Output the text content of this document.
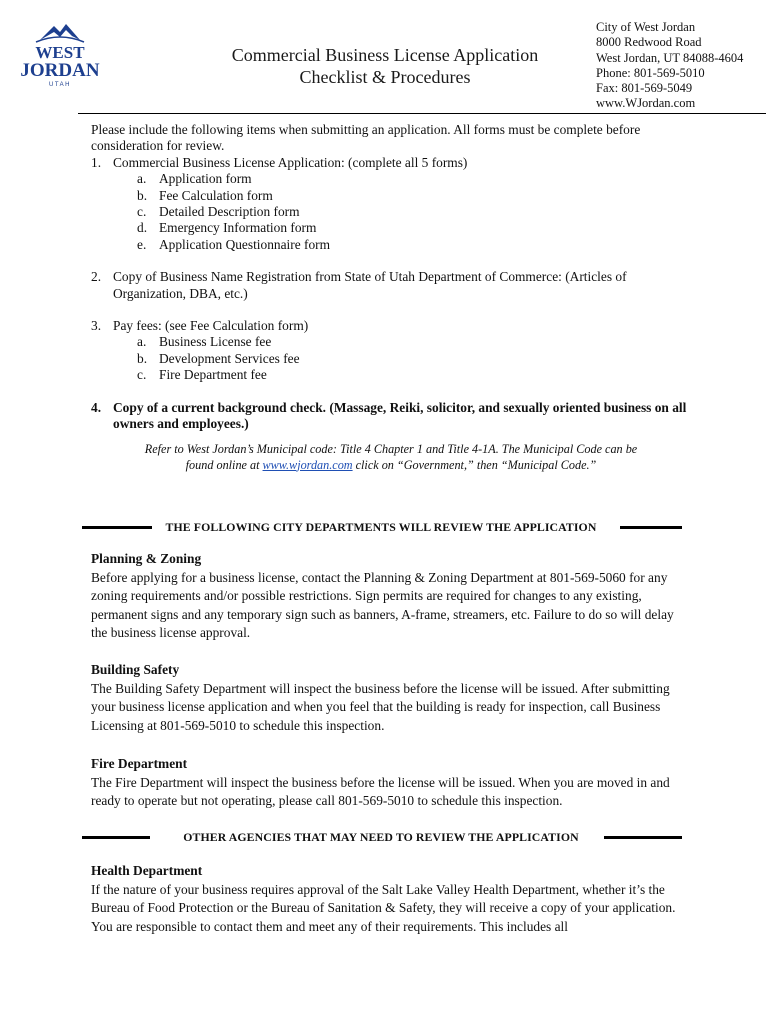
WEST
JORDAN
UTAH
Commercial Business License Application
Checklist & Procedures
City of West Jordan
8000 Redwood Road
West Jordan, UT 84088-4604
Phone: 801-569-5010
Fax: 801-569-5049
www.WJordan.com

Please include the following items when submitting an application. All forms must be complete before consideration for review.

1. Commercial Business License Application: (complete all 5 forms)
a. Application form
b. Fee Calculation form
c. Detailed Description form
d. Emergency Information form
e. Application Questionnaire form
2. Copy of Business Name Registration from State of Utah Department of Commerce: (Articles of Organization, DBA, etc.)
3. Pay fees: (see Fee Calculation form)
a. Business License fee
b. Development Services fee
c. Fire Department fee
4. Copy of a current background check. (Massage, Reiki, solicitor, and sexually oriented business on all owners and employees.)
Refer to West Jordan’s Municipal code: Title 4 Chapter 1 and Title 4-1A. The Municipal Code can be
found online at www.wjordan.com click on “Government,” then “Municipal Code.”
THE FOLLOWING CITY DEPARTMENTS WILL REVIEW THE APPLICATION
Planning & Zoning

Before applying for a business license, contact the Planning & Zoning Department at 801-569-5060 for any zoning requirements and/or possible restrictions. Sign permits are required for changes to any existing, permanent signs and any temporary sign such as banners, A-frame, streamers, etc. Failure to do so will delay the business license approval.

Building Safety

The Building Safety Department will inspect the business before the license will be issued. After submitting your business license application and when you feel that the building is ready for inspection, call Business Licensing at 801-569-5010 to schedule this inspection.

Fire Department

The Fire Department will inspect the business before the license will be issued. When you are moved in and ready to operate but not operating, please call 801-569-5010 to schedule this inspection.

OTHER AGENCIES THAT MAY NEED TO REVIEW THE APPLICATION
Health Department

If the nature of your business requires approval of the Salt Lake Valley Health Department, whether it’s the Bureau of Food Protection or the Bureau of Sanitation & Safety, they will receive a copy of your application. You are responsible to contact them and meet any of their requirements. This includes all
